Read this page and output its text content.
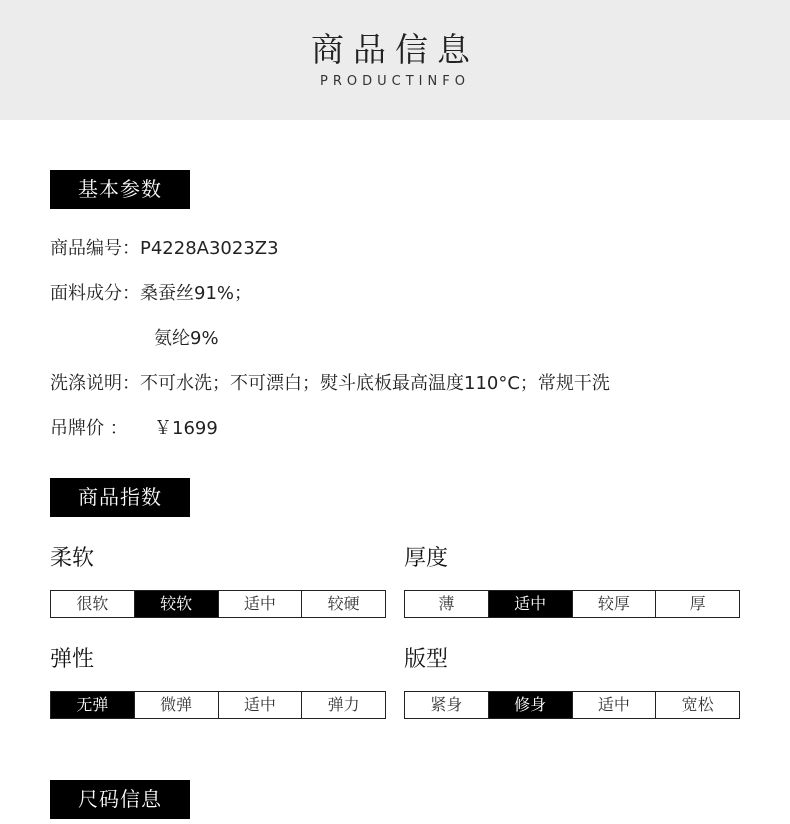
商品信息
PRODUCTINFO
基本参数
商品编号：P4228A3023Z3
面料成分：桑蚕丝91%；
氨纶9%
洗涤说明：不可水洗；不可漂白；熨斗底板最高温度110°C；常规干洗
吊牌价 ： ￥1699
商品指数
柔软
很软	较软	适中	较硬
厚度
薄	适中	较厚	厚
弹性
无弹	微弹	适中	弹力
版型
紧身	修身	适中	宽松
尺码信息
